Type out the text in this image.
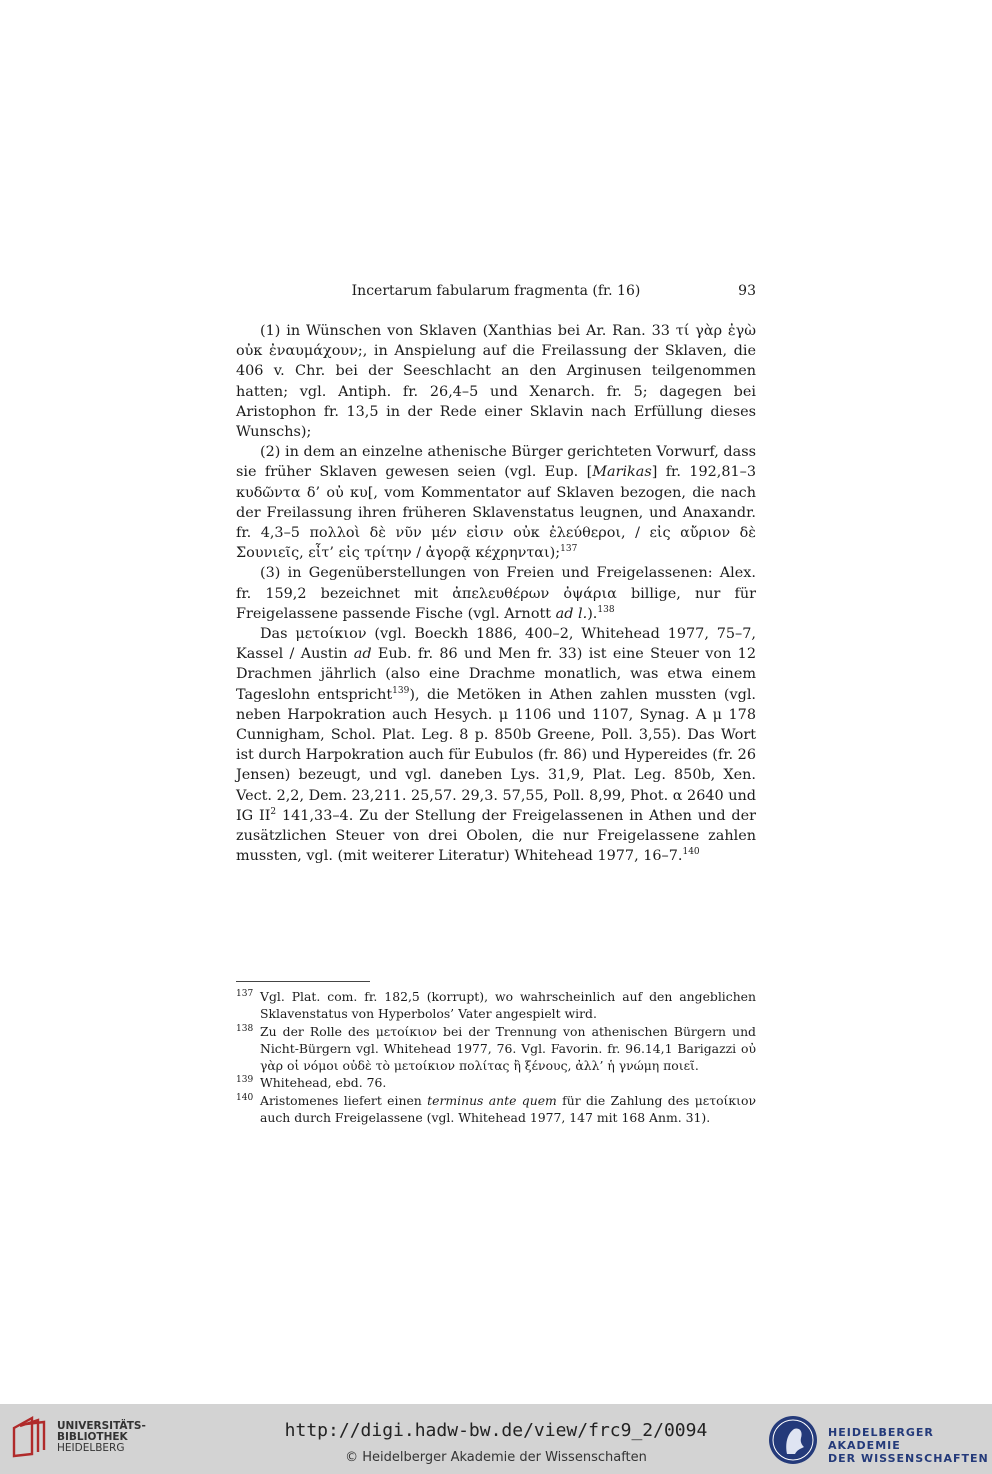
Incertarum fabularum fragmenta (fr. 16)	93

(1) in Wünschen von Sklaven (Xanthias bei Ar. Ran. 33 τί γὰρ ἐγὼ οὐκ ἐναυμάχουν;, in Anspielung auf die Freilassung der Sklaven, die 406 v. Chr. bei der Seeschlacht an den Arginusen teilgenommen hatten; vgl. Antiph. fr. 26,4–5 und Xenarch. fr. 5; dagegen bei Aristophon fr. 13,5 in der Rede einer Sklavin nach Erfüllung dieses Wunschs);

(2) in dem an einzelne athenische Bürger gerichteten Vorwurf, dass sie früher Sklaven gewesen seien (vgl. Eup. [Marikas] fr. 192,81–3 κυδῶντα δ’ οὐ κυ[, vom Kommentator auf Sklaven bezogen, die nach der Freilassung ihren früheren Sklavenstatus leugnen, und Anaxandr. fr. 4,3–5 πολλοὶ δὲ νῦν μέν εἰσιν οὐκ ἐλεύθεροι, / εἰς αὔριον δὲ Σουνιεῖς, εἶτ’ εἰς τρίτην / ἀγορᾷ κέχρηνται);$^{137}$

(3) in Gegenüberstellungen von Freien und Freigelassenen: Alex. fr. 159,2 bezeichnet mit ἀπελευθέρων ὀψάρια billige, nur für Freigelassene passende Fische (vgl. Arnott ad l.).$^{138}$

Das μετοίκιον (vgl. Boeckh 1886, 400–2, Whitehead 1977, 75–7, Kassel / Austin ad Eub. fr. 86 und Men fr. 33) ist eine Steuer von 12 Drachmen jährlich (also eine Drachme monatlich, was etwa einem Tageslohn entspricht$^{139}$), die Metöken in Athen zahlen mussten (vgl. neben Harpokration auch Hesych. μ 1106 und 1107, Synag. A μ 178 Cunnigham, Schol. Plat. Leg. 8 p. 850b Greene, Poll. 3,55). Das Wort ist durch Harpokration auch für Eubulos (fr. 86) und Hypereides (fr. 26 Jensen) bezeugt, und vgl. daneben Lys. 31,9, Plat. Leg. 850b, Xen. Vect. 2,2, Dem. 23,211. 25,57. 29,3. 57,55, Poll. 8,99, Phot. α 2640 und IG $II^2$ 141,33–4. Zu der Stellung der Freigelassenen in Athen und der zusätzlichen Steuer von drei Obolen, die nur Freigelassene zahlen mussten, vgl. (mit weiterer Literatur) Whitehead 1977, 16–7.$^{140}$

137 Vgl. Plat. com. fr. 182,5 (korrupt), wo wahrscheinlich auf den angeblichen Sklavenstatus von Hyperbolos’ Vater angespielt wird.
138 Zu der Rolle des μετοίκιον bei der Trennung von athenischen Bürgern und Nicht-Bürgern vgl. Whitehead 1977, 76. Vgl. Favorin. fr. 96.14,1 Barigazzi οὐ γὰρ οἱ νόμοι οὐδὲ τὸ μετοίκιον πολίτας ἢ ξένους, ἀλλ’ ἡ γνώμη ποιεῖ.
139 Whitehead, ebd. 76.
140 Aristomenes liefert einen terminus ante quem für die Zahlung des μετοίκιον auch durch Freigelassene (vgl. Whitehead 1977, 147 mit 168 Anm. 31).
UNIVERSITÄTS-
BIBLIOTHEK
HEIDELBERG
http://digi.hadw-bw.de/view/frc9_2/0094
© Heidelberger Akademie der Wissenschaften
HEIDELBERGER AKADEMIE
DER WISSENSCHAFTEN
